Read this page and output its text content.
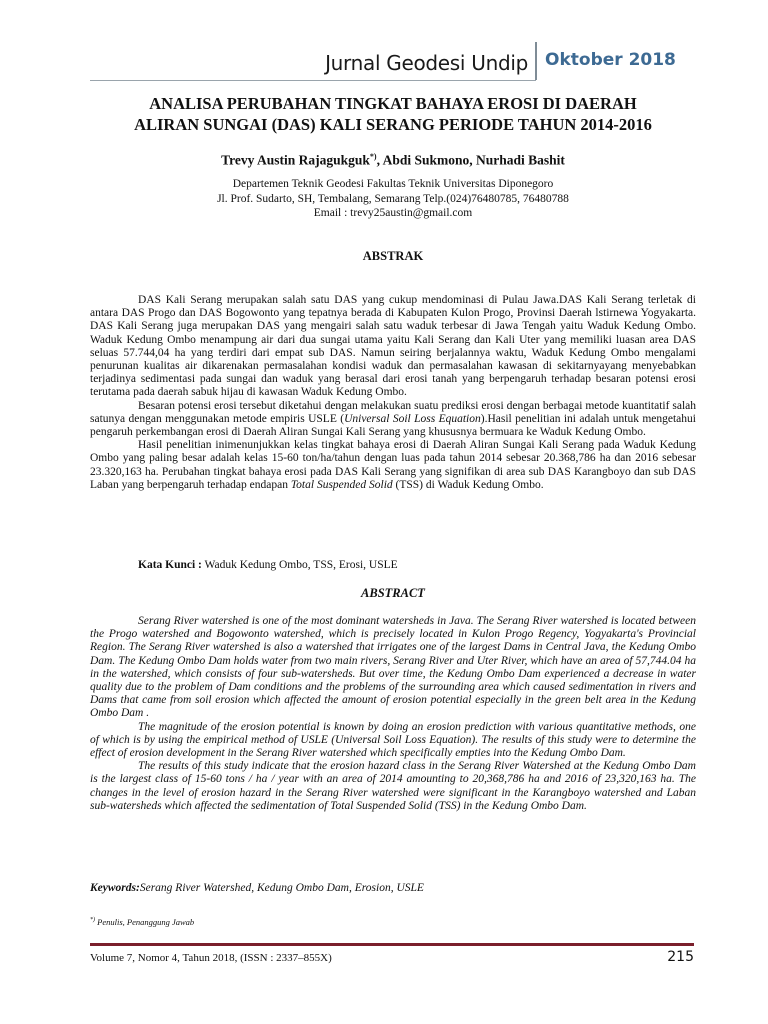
Jurnal Geodesi Undip Oktober 2018
ANALISA PERUBAHAN TINGKAT BAHAYA EROSI DI DAERAH
ALIRAN SUNGAI (DAS) KALI SERANG PERIODE TAHUN 2014-2016
Trevy Austin Rajagukguk*), Abdi Sukmono, Nurhadi Bashit
Departemen Teknik Geodesi Fakultas Teknik Universitas Diponegoro
Jl. Prof. Sudarto, SH, Tembalang, Semarang Telp.(024)76480785, 76480788
Email : trevy25austin@gmail.com
ABSTRAK

DAS Kali Serang merupakan salah satu DAS yang cukup mendominasi di Pulau Jawa.DAS Kali Serang terletak di antara DAS Progo dan DAS Bogowonto yang tepatnya berada di Kabupaten Kulon Progo, Provinsi Daerah lstirnewa Yogyakarta. DAS Kali Serang juga merupakan DAS yang mengairi salah satu waduk terbesar di Jawa Tengah yaitu Waduk Kedung Ombo. Waduk Kedung Ombo menampung air dari dua sungai utama yaitu Kali Serang dan Kali Uter yang memiliki luasan area DAS seluas 57.744,04 ha yang terdiri dari empat sub DAS. Namun seiring berjalannya waktu, Waduk Kedung Ombo mengalami penurunan kualitas air dikarenakan permasalahan kondisi waduk dan permasalahan kawasan di sekitarnyayang menyebabkan terjadinya sedimentasi pada sungai dan waduk yang berasal dari erosi tanah yang berpengaruh terhadap besaran potensi erosi terutama pada daerah sabuk hijau di kawasan Waduk Kedung Ombo.

Besaran potensi erosi tersebut diketahui dengan melakukan suatu prediksi erosi dengan berbagai metode kuantitatif salah satunya dengan menggunakan metode empiris USLE (Universal Soil Loss Equation).Hasil penelitian ini adalah untuk mengetahui pengaruh perkembangan erosi di Daerah Aliran Sungai Kali Serang yang khususnya bermuara ke Waduk Kedung Ombo.

Hasil penelitian inimenunjukkan kelas tingkat bahaya erosi di Daerah Aliran Sungai Kali Serang pada Waduk Kedung Ombo yang paling besar adalah kelas 15-60 ton/ha/tahun dengan luas pada tahun 2014 sebesar 20.368,786 ha dan 2016 sebesar 23.320,163 ha. Perubahan tingkat bahaya erosi pada DAS Kali Serang yang signifikan di area sub DAS Karangboyo dan sub DAS Laban yang berpengaruh terhadap endapan Total Suspended Solid (TSS) di Waduk Kedung Ombo.

Kata Kunci : Waduk Kedung Ombo, TSS, Erosi, USLE
ABSTRACT

Serang River watershed is one of the most dominant watersheds in Java. The Serang River watershed is located between the Progo watershed and Bogowonto watershed, which is precisely located in Kulon Progo Regency, Yogyakarta's Provincial Region. The Serang River watershed is also a watershed that irrigates one of the largest Dams in Central Java, the Kedung Ombo Dam. The Kedung Ombo Dam holds water from two main rivers, Serang River and Uter River, which have an area of 57,744.04 ha in the watershed, which consists of four sub-watersheds. But over time, the Kedung Ombo Dam experienced a decrease in water quality due to the problem of Dam conditions and the problems of the surrounding area which caused sedimentation in rivers and Dams that came from soil erosion which affected the amount of erosion potential especially in the green belt area in the Kedung Ombo Dam .

The magnitude of the erosion potential is known by doing an erosion prediction with various quantitative methods, one of which is by using the empirical method of USLE (Universal Soil Loss Equation). The results of this study were to determine the effect of erosion development in the Serang River watershed which specifically empties into the Kedung Ombo Dam.

The results of this study indicate that the erosion hazard class in the Serang River Watershed at the Kedung Ombo Dam is the largest class of 15-60 tons / ha / year with an area of 2014 amounting to 20,368,786 ha and 2016 of 23,320,163 ha. The changes in the level of erosion hazard in the Serang River watershed were significant in the Karangboyo watershed and Laban sub-watersheds which affected the sedimentation of Total Suspended Solid (TSS) in the Kedung Ombo Dam.

Keywords:Serang River Watershed, Kedung Ombo Dam, Erosion, USLE
*) Penulis, Penanggung Jawab
Volume 7, Nomor 4, Tahun 2018, (ISSN : 2337–855X)	215
